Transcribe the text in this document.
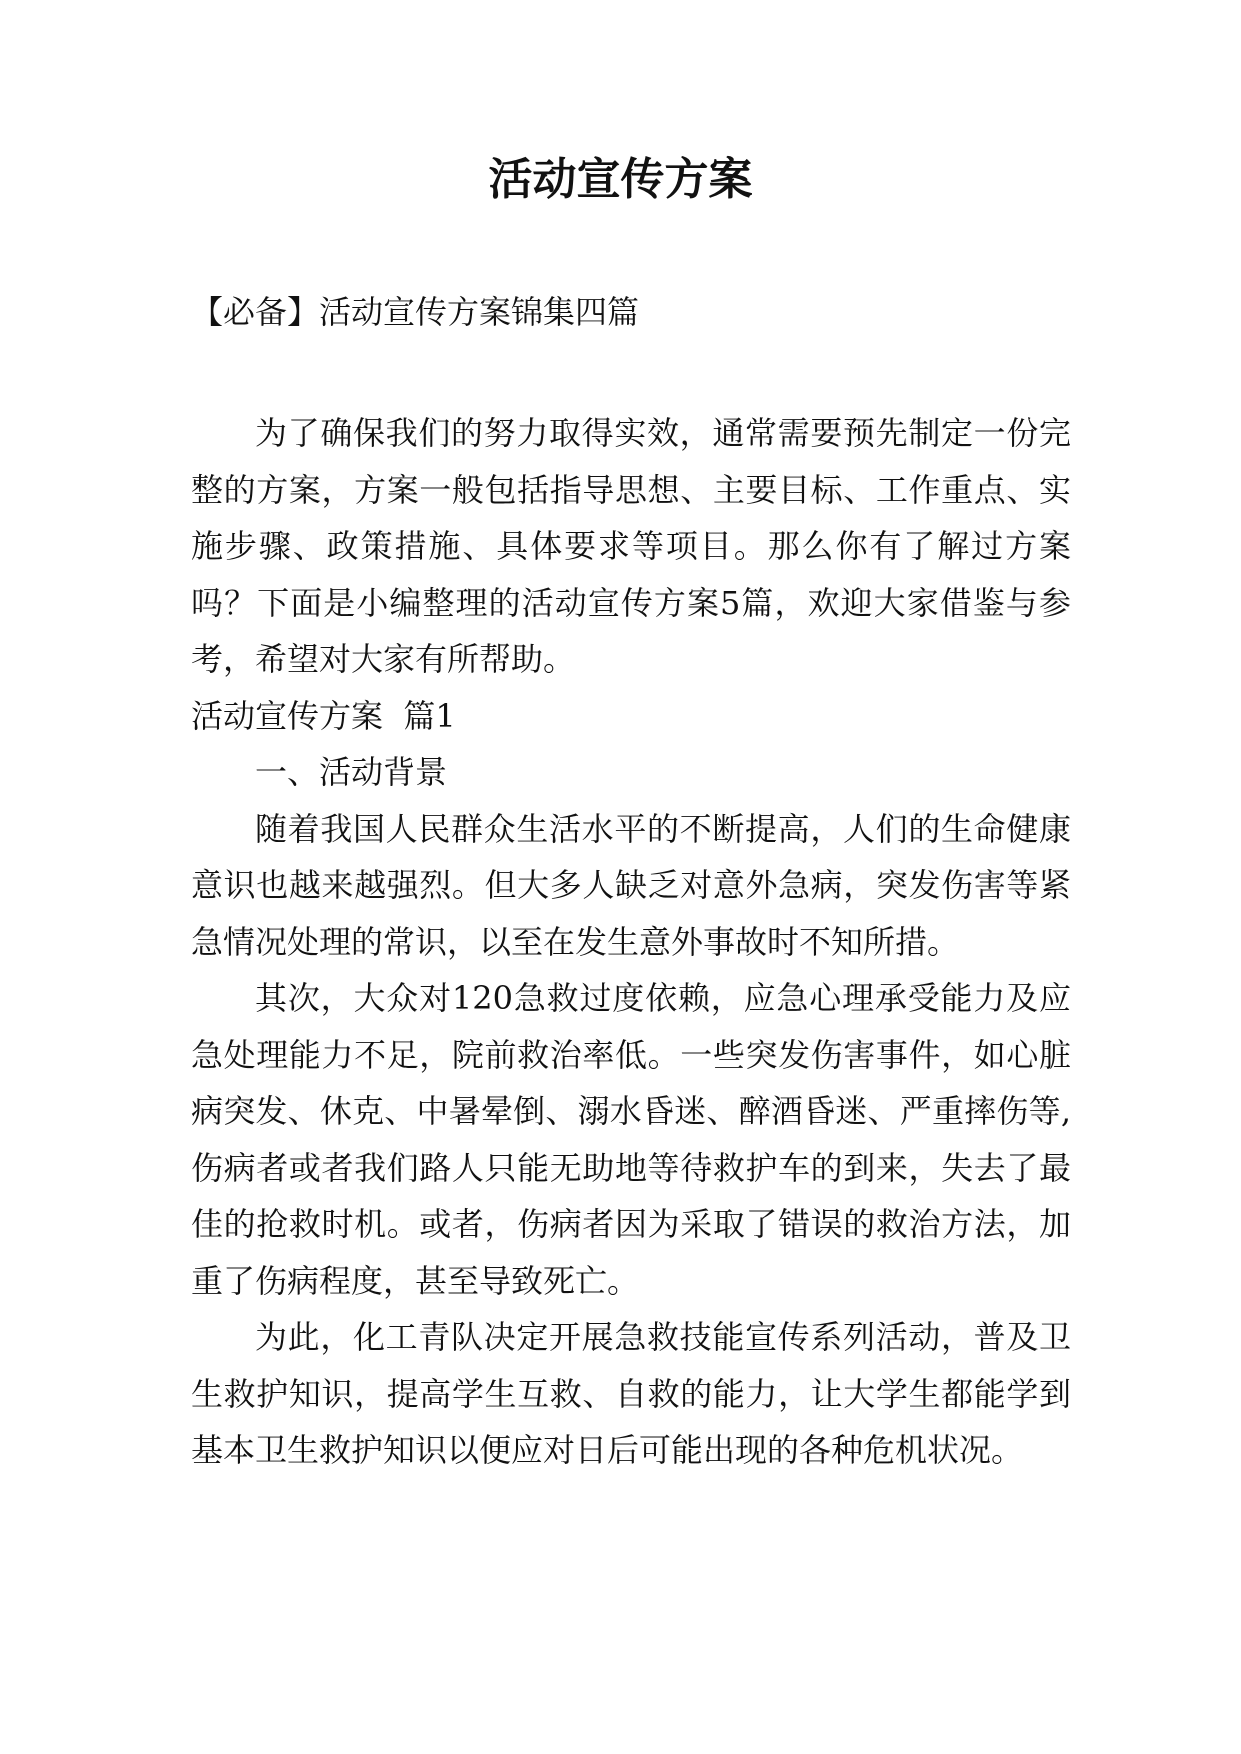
活动宣传方案
【必备】活动宣传方案锦集四篇

为了确保我们的努力取得实效，通常需要预先制定一份完整的方案，方案一般包括指导思想、主要目标、工作重点、实施步骤、政策措施、具体要求等项目。那么你有了解过方案吗？下面是小编整理的活动宣传方案5篇，欢迎大家借鉴与参考，希望对大家有所帮助。

活动宣传方案  篇1

一、活动背景

随着我国人民群众生活水平的不断提高，人们的生命健康意识也越来越强烈。但大多人缺乏对意外急病，突发伤害等紧急情况处理的常识，以至在发生意外事故时不知所措。

其次，大众对120急救过度依赖，应急心理承受能力及应急处理能力不足，院前救治率低。一些突发伤害事件，如心脏病突发、休克、中暑晕倒、溺水昏迷、醉酒昏迷、严重摔伤等,伤病者或者我们路人只能无助地等待救护车的到来，失去了最佳的抢救时机。或者，伤病者因为采取了错误的救治方法，加重了伤病程度，甚至导致死亡。

为此，化工青队决定开展急救技能宣传系列活动，普及卫生救护知识，提高学生互救、自救的能力，让大学生都能学到基本卫生救护知识以便应对日后可能出现的各种危机状况。
